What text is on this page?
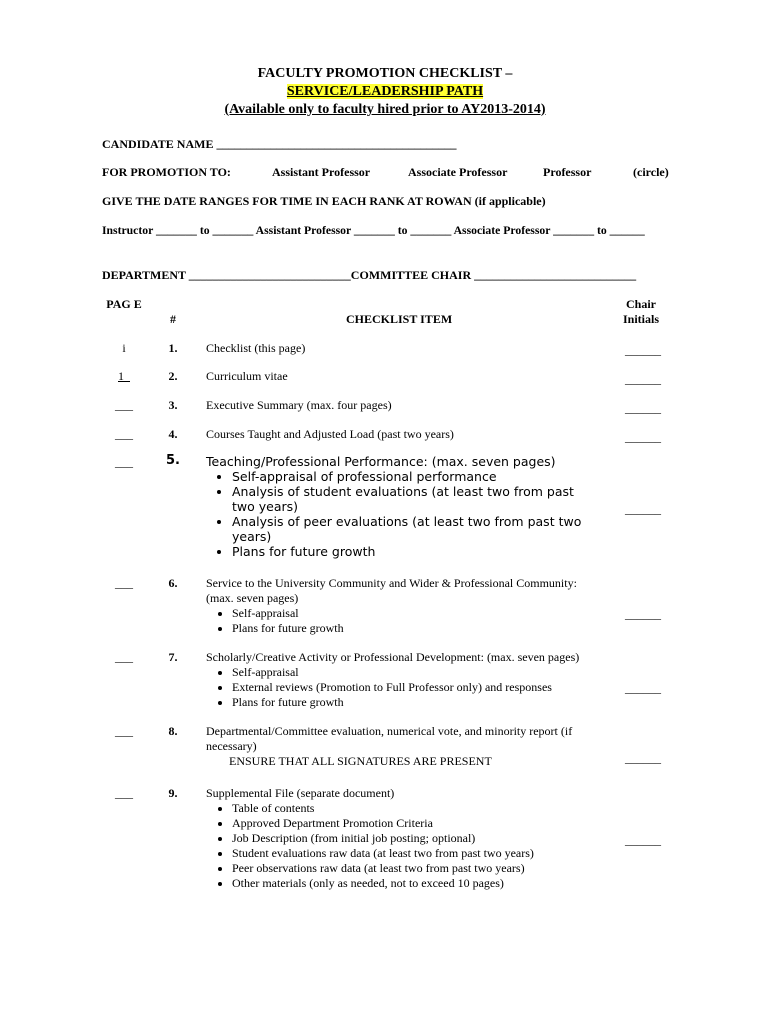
FACULTY PROMOTION CHECKLIST –
SERVICE/LEADERSHIP PATH
(Available only to faculty hired prior to AY2013-2014)
CANDIDATE NAME ________________________________________
FOR PROMOTION TO:	Assistant Professor	Associate Professor	Professor	(circle)
GIVE THE DATE RANGES FOR TIME IN EACH RANK AT ROWAN (if applicable)
Instructor _______ to _______ Assistant Professor _______ to _______ Associate Professor _______ to ______
DEPARTMENT ___________________________COMMITTEE CHAIR ___________________________
PAG E
#	CHECKLIST ITEM
Chair Initials
i	1.	Checklist (this page)	______
1	2.	Curriculum vitae	______
___	3.	Executive Summary (max. four pages)	______
___	4.	Courses Taught and Adjusted Load (past two years)	______
___	5.	Teaching/Professional Performance: (max. seven pages)
• Self-appraisal of professional performance
• Analysis of student evaluations (at least two from past two years)
• Analysis of peer evaluations (at least two from past two years)
• Plans for future growth
______
___	6.	Service to the University Community and Wider & Professional Community: (max. seven pages)
• Self-appraisal
• Plans for future growth
______
___	7.	Scholarly/Creative Activity or Professional Development: (max. seven pages)
• Self-appraisal
• External reviews (Promotion to Full Professor only) and responses
• Plans for future growth
______
___	8.	Departmental/Committee evaluation, numerical vote, and minority report (if necessary)
ENSURE THAT ALL SIGNATURES ARE PRESENT	______
___	9.	Supplemental File (separate document)
• Table of contents
• Approved Department Promotion Criteria
• Job Description (from initial job posting; optional)
• Student evaluations raw data (at least two from past two years)
• Peer observations raw data (at least two from past two years)
• Other materials (only as needed, not to exceed 10 pages)
______
